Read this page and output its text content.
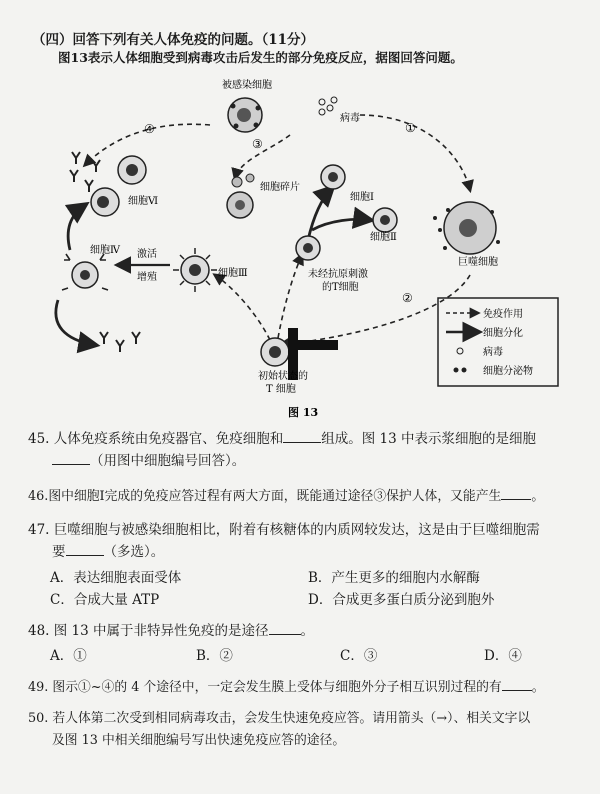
（四）回答下列有关人体免疫的问题。（11分）
图13表示人体细胞受到病毒攻击后发生的部分免疫反应，据图回答问题。
被感染细胞
病毒
④	①
③
②
细胞Ⅵ
细胞碎片
细胞Ⅰ
细胞Ⅱ
巨噬细胞
未经抗原刺激
的T细胞
细胞Ⅲ
激活
增殖
细胞Ⅳ
初始状态的
T 细胞
免疫作用
细胞分化
病毒
细胞分泌物
图 13
45. 人体免疫系统由免疫器官、免疫细胞和	组成。图 13 中表示浆细胞的是细胞
（用图中细胞编号回答）。
46.图中细胞Ⅰ完成的免疫应答过程有两大方面，既能通过途径③保护人体，又能产生 。
47. 巨噬细胞与被感染细胞相比，附着有核糖体的内质网较发达，这是由于巨噬细胞需
要	（多选）。
A．表达细胞表面受体	B．产生更多的细胞内水解酶
C．合成大量 ATP	D．合成更多蛋白质分泌到胞外
48. 图 13 中属于非特异性免疫的是途径 。
A．①	B．②	C．③	D．④
49. 图示①~④的 4 个途径中，一定会发生膜上受体与细胞外分子相互识别过程的有 。
50. 若人体第二次受到相同病毒攻击，会发生快速免疫应答。请用箭头（→）、相关文字以
及图 13 中相关细胞编号写出快速免疫应答的途径。
